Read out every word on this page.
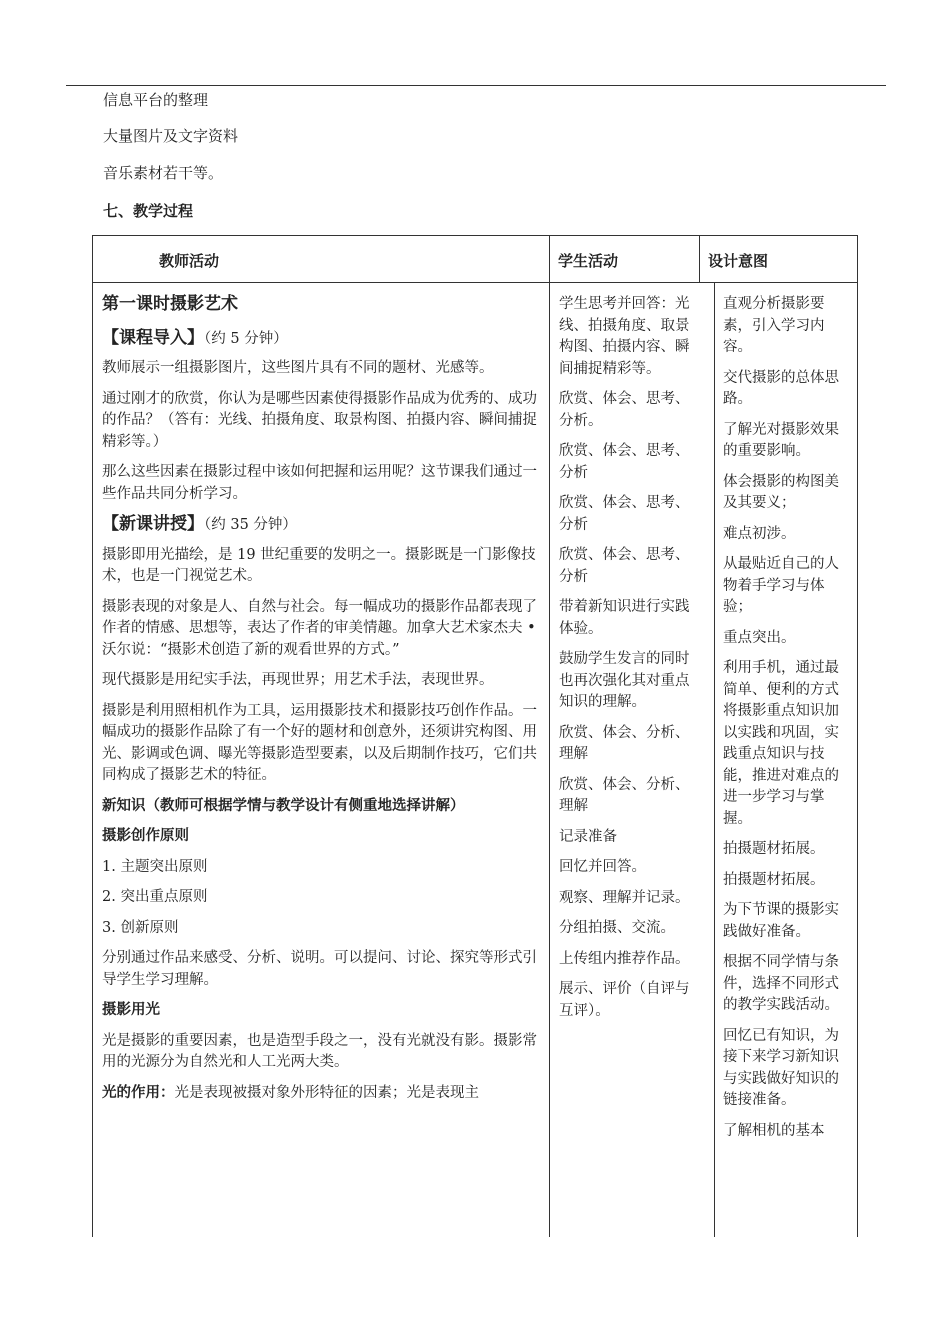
信息平台的整理
大量图片及文字资料
音乐素材若干等。
七、教学过程
教师活动	学生活动	设计意图

第一课时摄影艺术

【课程导入】（约 5 分钟）

教师展示一组摄影图片，这些图片具有不同的题材、光感等。

通过刚才的欣赏，你认为是哪些因素使得摄影作品成为优秀的、成功的作品？（答有：光线、拍摄角度、取景构图、拍摄内容、瞬间捕捉精彩等。）

那么这些因素在摄影过程中该如何把握和运用呢？这节课我们通过一些作品共同分析学习。

【新课讲授】（约 35 分钟）

摄影即用光描绘，是 19 世纪重要的发明之一。摄影既是一门影像技术，也是一门视觉艺术。

摄影表现的对象是人、自然与社会。每一幅成功的摄影作品都表现了作者的情感、思想等，表达了作者的审美情趣。加拿大艺术家杰夫 • 沃尔说：“摄影术创造了新的观看世界的方式。”

现代摄影是用纪实手法，再现世界；用艺术手法，表现世界。

摄影是利用照相机作为工具，运用摄影技术和摄影技巧创作作品。一幅成功的摄影作品除了有一个好的题材和创意外，还须讲究构图、用光、影调或色调、曝光等摄影造型要素，以及后期制作技巧，它们共同构成了摄影艺术的特征。

新知识（教师可根据学情与教学设计有侧重地选择讲解）

摄影创作原则

1. 主题突出原则

2. 突出重点原则

3. 创新原则

分别通过作品来感受、分析、说明。可以提问、讨论、探究等形式引导学生学习理解。

摄影用光

光是摄影的重要因素，也是造型手段之一，没有光就没有影。摄影常用的光源分为自然光和人工光两大类。

光的作用：光是表现被摄对象外形特征的因素；光是表现主

学生思考并回答：光线、拍摄角度、取景构图、拍摄内容、瞬间捕捉精彩等。

欣赏、体会、思考、分析。

欣赏、体会、思考、分析

欣赏、体会、思考、分析

欣赏、体会、思考、分析

带着新知识进行实践体验。

鼓励学生发言的同时也再次强化其对重点知识的理解。

欣赏、体会、分析、理解

欣赏、体会、分析、理解

记录准备

回忆并回答。

观察、理解并记录。

分组拍摄、交流。

上传组内推荐作品。

展示、评价（自评与互评）。

直观分析摄影要素，引入学习内容。

交代摄影的总体思路。

了解光对摄影效果的重要影响。

体会摄影的构图美及其要义；

难点初涉。

从最贴近自己的人物着手学习与体验；

重点突出。

利用手机，通过最简单、便利的方式将摄影重点知识加以实践和巩固，实践重点知识与技能，推进对难点的进一步学习与掌握。

拍摄题材拓展。

拍摄题材拓展。

为下节课的摄影实践做好准备。

根据不同学情与条件，选择不同形式的教学实践活动。

回忆已有知识，为接下来学习新知识与实践做好知识的链接准备。

了解相机的基本
